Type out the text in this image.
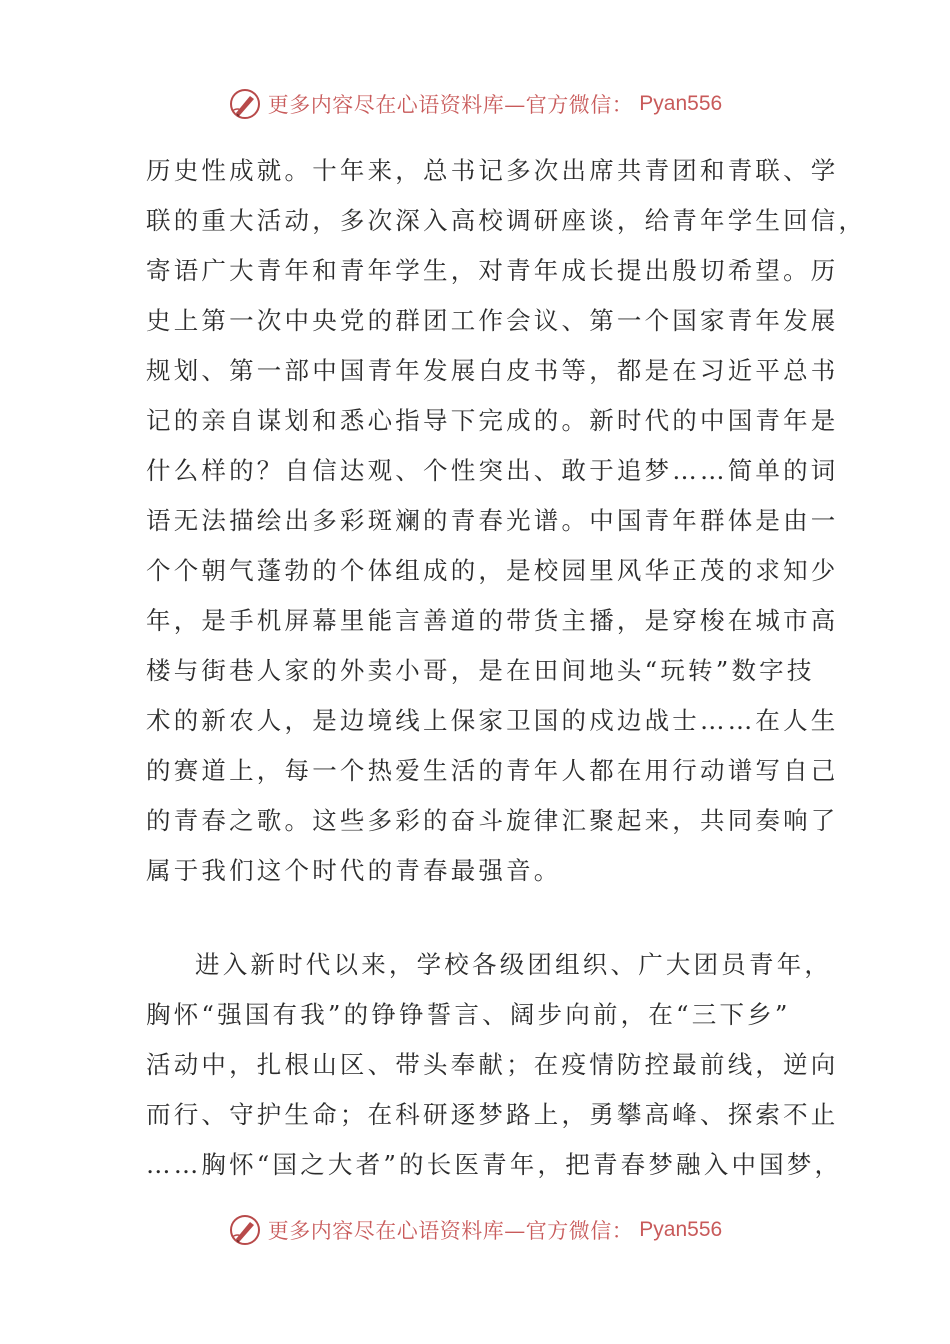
更多内容尽在心语资料库—官方微信： Pyan556
历史性成就。十年来，总书记多次出席共青团和青联、学
联的重大活动，多次深入高校调研座谈，给青年学生回信，
寄语广大青年和青年学生，对青年成长提出殷切希望。历
史上第一次中央党的群团工作会议、第一个国家青年发展
规划、第一部中国青年发展白皮书等，都是在习近平总书
记的亲自谋划和悉心指导下完成的。新时代的中国青年是
什么样的？自信达观、个性突出、敢于追梦……简单的词
语无法描绘出多彩斑斓的青春光谱。中国青年群体是由一
个个朝气蓬勃的个体组成的，是校园里风华正茂的求知少
年，是手机屏幕里能言善道的带货主播，是穿梭在城市高
楼与街巷人家的外卖小哥，是在田间地头“玩转”数字技
术的新农人，是边境线上保家卫国的戍边战士……在人生
的赛道上，每一个热爱生活的青年人都在用行动谱写自己
的青春之歌。这些多彩的奋斗旋律汇聚起来，共同奏响了
属于我们这个时代的青春最强音。
进入新时代以来，学校各级团组织、广大团员青年，
胸怀“强国有我”的铮铮誓言、阔步向前，在“三下乡”
活动中，扎根山区、带头奉献；在疫情防控最前线，逆向
而行、守护生命；在科研逐梦路上，勇攀高峰、探索不止
……胸怀“国之大者”的长医青年，把青春梦融入中国梦，
更多内容尽在心语资料库—官方微信： Pyan556
